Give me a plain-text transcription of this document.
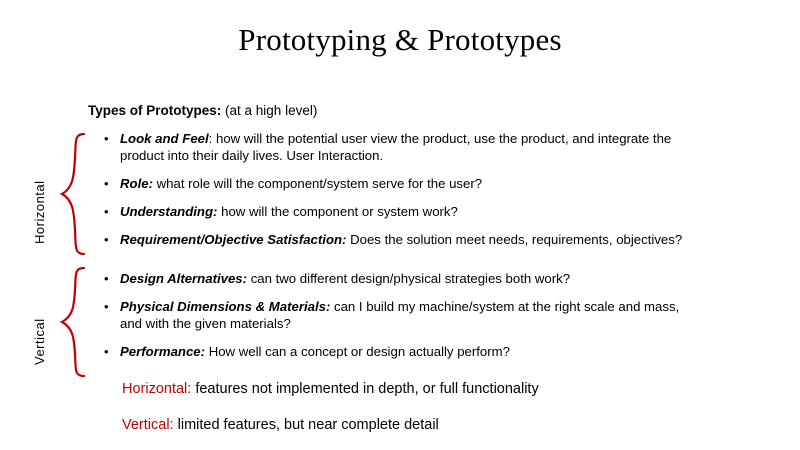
Prototyping & Prototypes
Types of Prototypes: (at a high level)
Horizontal
Vertical
• Look and Feel: how will the potential user view the product, use the product, and integrate the product into their daily lives. User Interaction.
• Role: what role will the component/system serve for the user?
• Understanding: how will the component or system work?
• Requirement/Objective Satisfaction: Does the solution meet needs, requirements, objectives?
• Design Alternatives: can two different design/physical strategies both work?
• Physical Dimensions & Materials: can I build my machine/system at the right scale and mass, and with the given materials?
• Performance: How well can a concept or design actually perform?
Horizontal: features not implemented in depth, or full functionality
Vertical: limited features, but near complete detail
